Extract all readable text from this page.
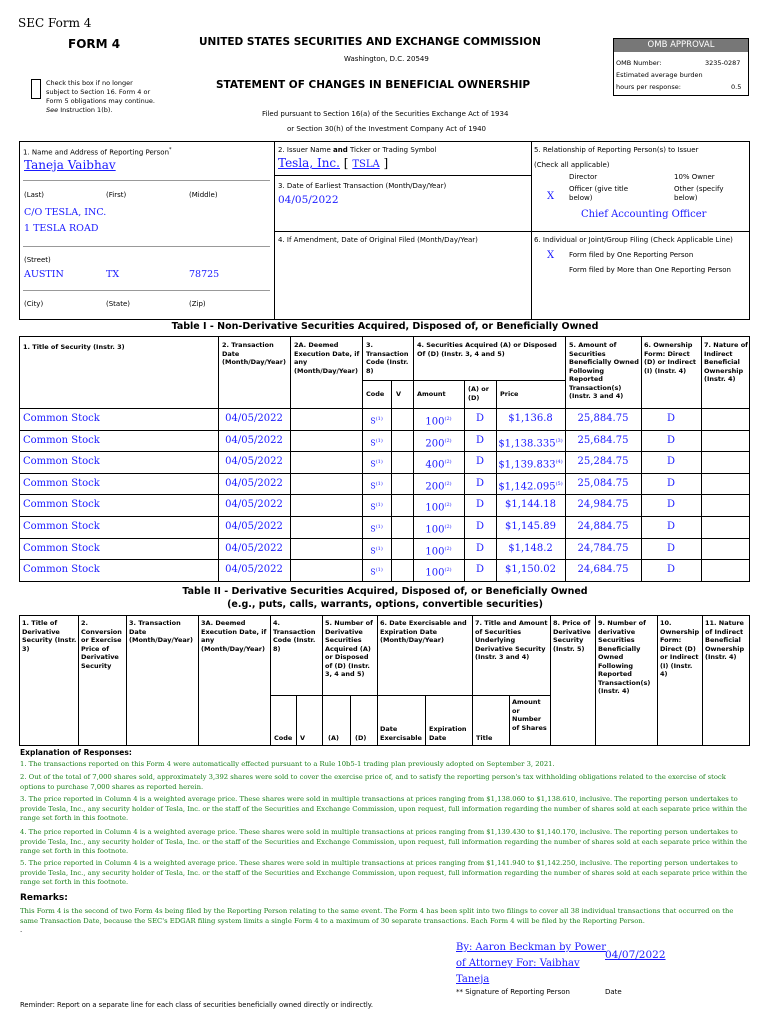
SEC Form 4
FORM 4
Check this box if no longer subject to Section 16. Form 4 or Form 5 obligations may continue. See Instruction 1(b).
UNITED STATES SECURITIES AND EXCHANGE COMMISSION
Washington, D.C. 20549
STATEMENT OF CHANGES IN BENEFICIAL OWNERSHIP
Filed pursuant to Section 16(a) of the Securities Exchange Act of 1934
or Section 30(h) of the Investment Company Act of 1940
OMB APPROVAL
OMB Number:	3235-0287
Estimated average burden
hours per response:	0.5
1. Name and Address of Reporting Person*
Taneja Vaibhav
(Last)	(First)	(Middle)
C/O TESLA, INC.
1 TESLA ROAD
(Street)
AUSTIN	TX	78725
(City)	(State)	(Zip)
2. Issuer Name and Ticker or Trading Symbol
Tesla, Inc. [ TSLA ]
3. Date of Earliest Transaction (Month/Day/Year)
04/05/2022
4. If Amendment, Date of Original Filed (Month/Day/Year)
5. Relationship of Reporting Person(s) to Issuer
(Check all applicable)
Director	10% Owner
X
Officer (give title below)
Other (specify below)
Chief Accounting Officer
6. Individual or Joint/Group Filing (Check Applicable Line)
X Form filed by One Reporting Person
Form filed by More than One Reporting Person
Table I - Non-Derivative Securities Acquired, Disposed of, or Beneficially Owned
1. Title of Security (Instr. 3)	2. Transaction Date (Month/Day/Year)
2A. Deemed Execution Date, if any (Month/Day/Year)
3. Transaction Code (Instr. 8)
4. Securities Acquired (A) or Disposed Of (D) (Instr. 3, 4 and 5)
5. Amount of Securities Beneficially Owned Following Reported Transaction(s) (Instr. 3 and 4)
6. Ownership Form: Direct (D) or Indirect (I) (Instr. 4)
7. Nature of Indirect Beneficial Ownership (Instr. 4)
Code V Amount
(A) or (D)	Price
Common Stock	04/05/2022	$S^{(1)}$	100$^{(2)}$	D	$1,136.8	25,884.75	D
Common Stock	04/05/2022	$S^{(1)}$	200$^{(2)}$	D	$1,138.335$^{(3)}$	25,684.75	D
Common Stock	04/05/2022	$S^{(1)}$	400$^{(2)}$	D	$1,139.833$^{(4)}$	25,284.75	D
Common Stock	04/05/2022	$S^{(1)}$	200$^{(2)}$	D	$1,142.095$^{(5)}$	25,084.75	D
Common Stock	04/05/2022	$S^{(1)}$	100$^{(2)}$	D	$1,144.18	24,984.75	D
Common Stock	04/05/2022	$S^{(1)}$	100$^{(2)}$	D	$1,145.89	24,884.75	D
Common Stock	04/05/2022	$S^{(1)}$	100$^{(2)}$	D	$1,148.2	24,784.75	D
Common Stock	04/05/2022	$S^{(1)}$	100$^{(2)}$	D	$1,150.02	24,684.75	D
Table II - Derivative Securities Acquired, Disposed of, or Beneficially Owned
(e.g., puts, calls, warrants, options, convertible securities)
1. Title of Derivative Security (Instr. 3)
2. Conversion or Exercise Price of Derivative Security
3. Transaction Date (Month/Day/Year)
3A. Deemed Execution Date, if any (Month/Day/Year)
4. Transaction Code (Instr. 8)
5. Number of Derivative Securities Acquired (A) or Disposed of (D) (Instr. 3, 4 and 5)
6. Date Exercisable and Expiration Date (Month/Day/Year)
7. Title and Amount of Securities Underlying Derivative Security (Instr. 3 and 4)
8. Price of Derivative Security (Instr. 5)
9. Number of derivative Securities Beneficially Owned Following Reported Transaction(s) (Instr. 4)
10. Ownership Form: Direct (D) or Indirect (I) (Instr. 4)
11. Nature of Indirect Beneficial Ownership (Instr. 4)
Code V	(A) (D)
Date Exercisable
Expiration Date	Title
Amount or Number of Shares
Explanation of Responses:
1. The transactions reported on this Form 4 were automatically effected pursuant to a Rule 10b5-1 trading plan previously adopted on September 3, 2021.
2. Out of the total of 7,000 shares sold, approximately 3,392 shares were sold to cover the exercise price of, and to satisfy the reporting person's tax withholding obligations related to the exercise of stock options to purchase 7,000 shares as reported herein.
3. The price reported in Column 4 is a weighted average price. These shares were sold in multiple transactions at prices ranging from $1,138.060 to $1,138.610, inclusive. The reporting person undertakes to provide Tesla, Inc., any security holder of Tesla, Inc. or the staff of the Securities and Exchange Commission, upon request, full information regarding the number of shares sold at each separate price within the range set forth in this footnote.
4. The price reported in Column 4 is a weighted average price. These shares were sold in multiple transactions at prices ranging from $1,139.430 to $1,140.170, inclusive. The reporting person undertakes to provide Tesla, Inc., any security holder of Tesla, Inc. or the staff of the Securities and Exchange Commission, upon request, full information regarding the number of shares sold at each separate price within the range set forth in this footnote.
5. The price reported in Column 4 is a weighted average price. These shares were sold in multiple transactions at prices ranging from $1,141.940 to $1,142.250, inclusive. The reporting person undertakes to provide Tesla, Inc., any security holder of Tesla, Inc. or the staff of the Securities and Exchange Commission, upon request, full information regarding the number of shares sold at each separate price within the range set forth in this footnote.
Remarks:
This Form 4 is the second of two Form 4s being filed by the Reporting Person relating to the same event. The Form 4 has been split into two filings to cover all 38 individual transactions that occurred on the same Transaction Date, because the SEC's EDGAR filing system limits a single Form 4 to a maximum of 30 separate transactions. Each Form 4 will be filed by the Reporting Person.
.
By: Aaron Beckman by Power of Attorney For: Vaibhav Taneja
04/07/2022
** Signature of Reporting Person	Date
Reminder: Report on a separate line for each class of securities beneficially owned directly or indirectly.
